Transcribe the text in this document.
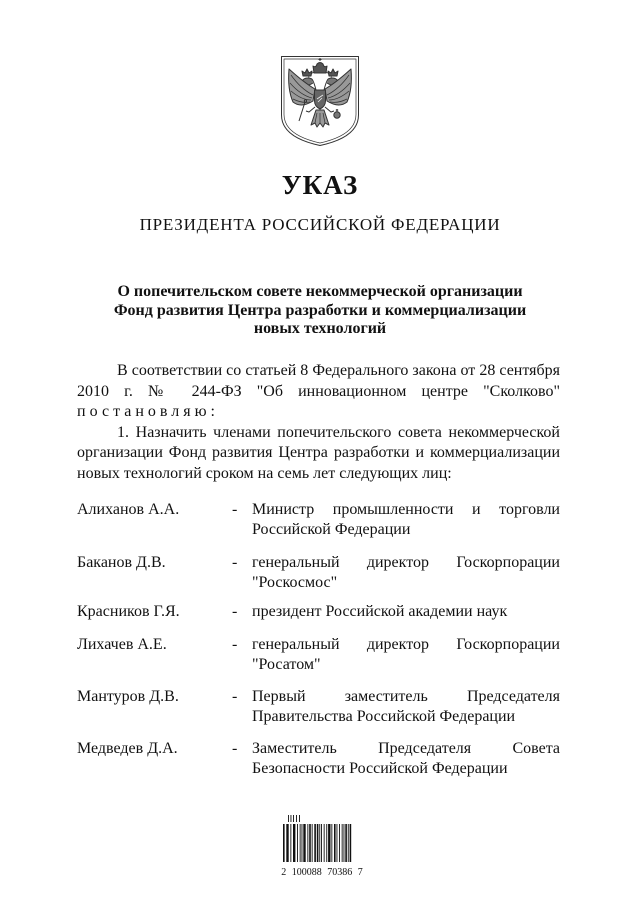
УКАЗ
ПРЕЗИДЕНТА РОССИЙСКОЙ ФЕДЕРАЦИИ
О попечительском совете некоммерческой организации
Фонд развития Центра разработки и коммерциализации
новых технологий
В соответствии со статьей 8 Федерального закона от 28 сентября
2010 г. № 244-ФЗ "Об инновационном центре "Сколково"
постановляю:
1. Назначить членами попечительского совета некоммерческой
организации Фонд развития Центра разработки и коммерциализации
новых технологий сроком на семь лет следующих лиц:
Алиханов А.А.	- Министр промышленности и торговли
Российской Федерации
Баканов Д.В.	- генеральный директор Госкорпорации
"Роскосмос"
Красников Г.Я.	- президент Российской академии наук
Лихачев А.Е.	- генеральный директор Госкорпорации
"Росатом"
Мантуров Д.В.	- Первый заместитель Председателя
Правительства Российской Федерации
Медведев Д.А.	- Заместитель Председателя Совета
Безопасности Российской Федерации
2 100088 70386 7
